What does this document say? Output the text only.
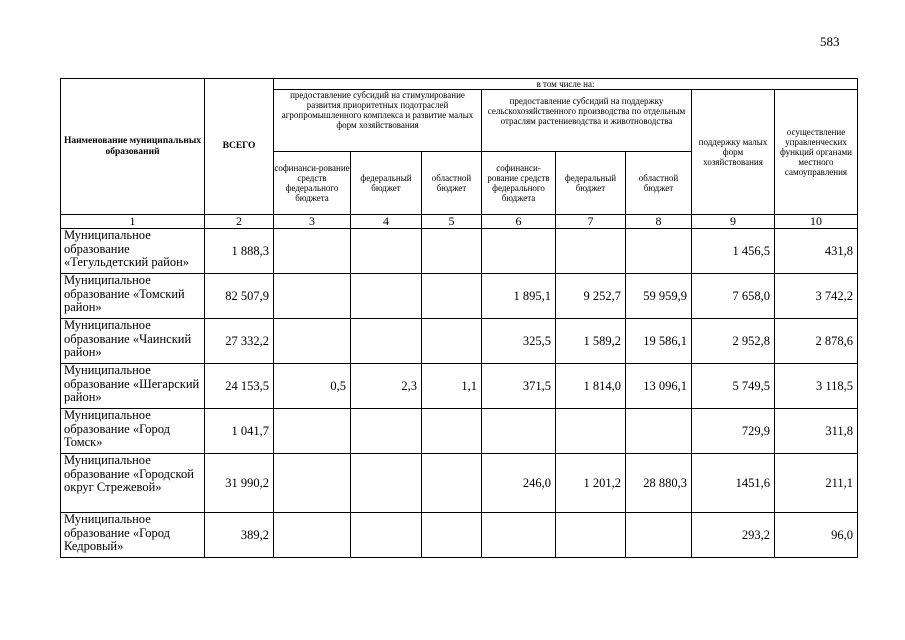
583
Наименование муниципальных образований	ВСЕГО	в том числе на:							
		предоставление субсидий на стимулирование развития приоритетных подотраслей агропромышленного комплекса и развитие малых форм хозяйствования			предоставление субсидий на поддержку сельскохозяйственного производства по отдельным отраслям растениеводства и животноводства			поддержку малых форм хозяйствования	осуществление управленческих функций органами местного самоуправления
		софинанси-рование средств федерального бюджета	федеральный бюджет	областной бюджет	софинанси-рование средств федерального бюджета	федеральный бюджет	областной бюджет		
1	2	3	4	5	6	7	8	9	10
Муниципальное образование «Тегульдетский район»	1 888,3							1 456,5	431,8
Муниципальное образование «Томский район»	82 507,9				1 895,1	9 252,7	59 959,9	7 658,0	3 742,2
Муниципальное образование «Чаинский район»	27 332,2				325,5	1 589,2	19 586,1	2 952,8	2 878,6
Муниципальное образование «Шегарский район»	24 153,5	0,5	2,3	1,1	371,5	1 814,0	13 096,1	5 749,5	3 118,5
Муниципальное образование «Город Томск»	1 041,7							729,9	311,8
Муниципальное образование «Городской округ Стрежевой»	31 990,2				246,0	1 201,2	28 880,3	1451,6	211,1
Муниципальное образование «Город Кедровый»	389,2							293,2	96,0
